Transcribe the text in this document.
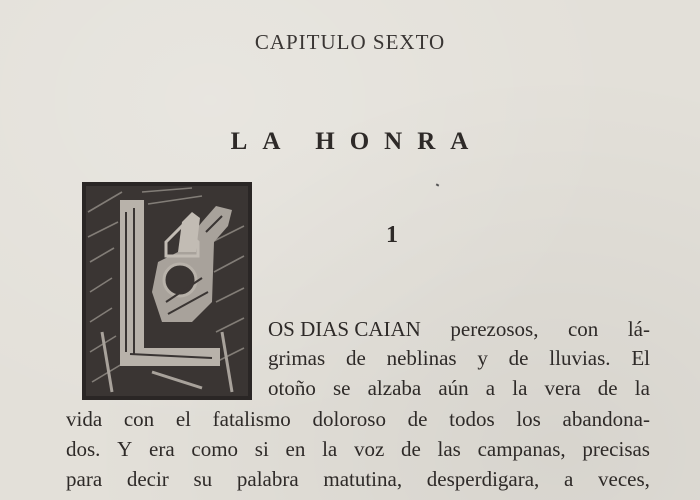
CAPITULO SEXTO
LA HONRA
1
OS DIAS CAIAN perezosos, con lá-
grimas de neblinas y de lluvias. El
otoño se alzaba aún a la vera de la
vida con el fatalismo doloroso de todos los abandona-
dos. Y era como si en la voz de las campanas, precisas
para decir su palabra matutina, desperdigara, a veces,
